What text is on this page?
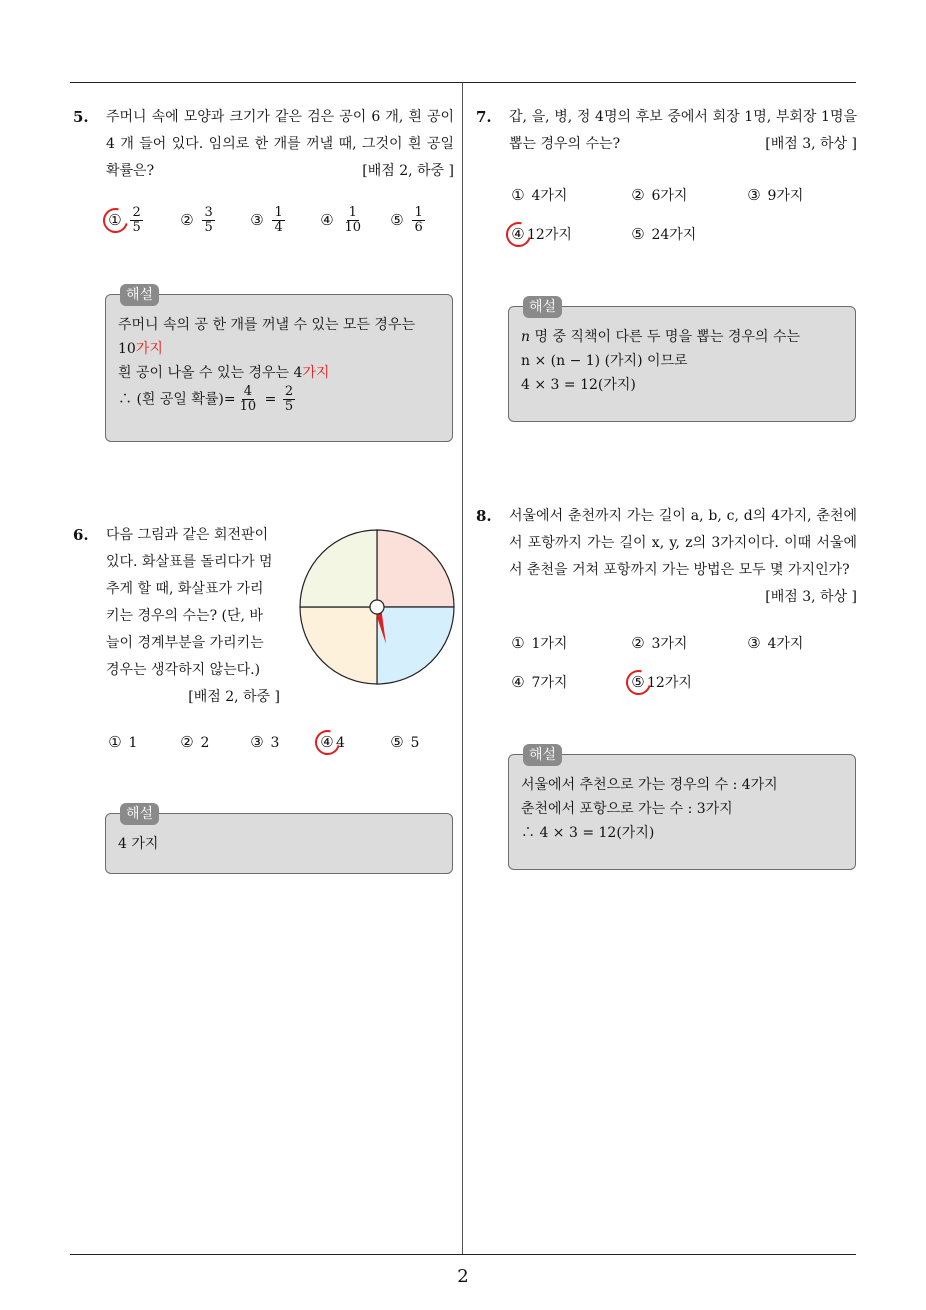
2
5. 주머니 속에 모양과 크기가 같은 검은 공이 6 개, 흰 공이 4 개 들어 있다. 임의로 한 개를 꺼낼 때, 그것이 흰 공일 확률은?	[배점 2, 하중 ]
① $\frac{2}{5}$	② $\frac{3}{5}$ ③ $\frac{1}{4}$ ④ $\frac{1}{10}$ ⑤ $\frac{1}{6}$
해설
주머니 속의 공 한 개를 꺼낼 수 있는 모든 경우는
10가지
흰 공이 나올 수 있는 경우는 4가지
∴ (흰 공일 확률)= $\frac{4}{10} = \frac{2}{5}$
6. 다음 그림과 같은 회전판이
있다. 화살표를 돌리다가 멈
추게 할 때, 화살표가 가리
키는 경우의 수는? (단, 바
늘이 경계부분을 가리키는
경우는 생각하지 않는다.)
[배점 2, 하중 ]
① 1	② 2	③ 3	④ 4	⑤ 5
해설
4 가지
7. 갑, 을, 병, 정 4명의 후보 중에서 회장 1명, 부회장 1명을 뽑는 경우의 수는?	[배점 3, 하상 ]
① 4가지	② 6가지	③ 9가지
④ 12가지	⑤ 24가지
해설
n 명 중 직책이 다른 두 명을 뽑는 경우의 수는
n × (n − 1) (가지) 이므로
4 × 3 = 12(가지)
8. 서울에서 춘천까지 가는 길이 a, b, c, d의 4가지, 춘천에서 포항까지 가는 길이 x, y, z의 3가지이다. 이때 서울에서 춘천을 거쳐 포항까지 가는 방법은 모두 몇 가지인가?
[배점 3, 하상 ]
① 1가지	② 3가지	③ 4가지
④ 7가지	⑤ 12가지
해설
서울에서 추천으로 가는 경우의 수 : 4가지
춘천에서 포항으로 가는 수 : 3가지
∴ 4 × 3 = 12(가지)
